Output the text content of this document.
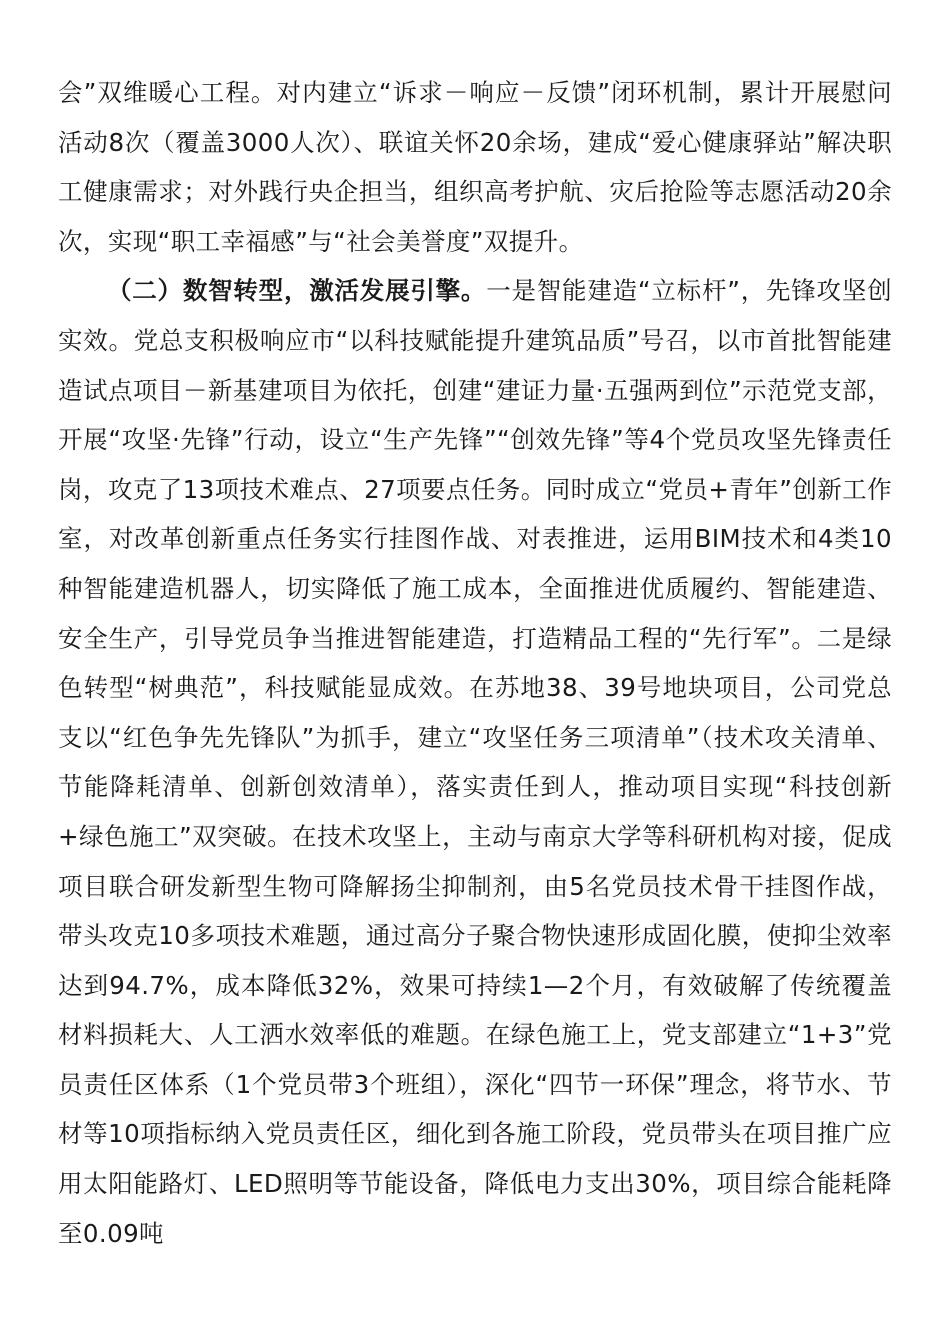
会”双维暖心工程。对内建立“诉求－响应－反馈”闭环机制，累计开展慰问活动8次（覆盖3000人次）、联谊关怀20余场，建成“爱心健康驿站”解决职工健康需求；对外践行央企担当，组织高考护航、灾后抢险等志愿活动20余次，实现“职工幸福感”与“社会美誉度”双提升。

（二）数智转型，激活发展引擎。一是智能建造“立标杆”，先锋攻坚创实效。党总支积极响应市“以科技赋能提升建筑品质”号召，以市首批智能建造试点项目－新基建项目为依托，创建“建证力量·五强两到位”示范党支部，开展“攻坚·先锋”行动，设立“生产先锋”“创效先锋”等4个党员攻坚先锋责任岗，攻克了13项技术难点、27项要点任务。同时成立“党员+青年”创新工作室，对改革创新重点任务实行挂图作战、对表推进，运用BIM技术和4类10种智能建造机器人，切实降低了施工成本，全面推进优质履约、智能建造、安全生产，引导党员争当推进智能建造，打造精品工程的“先行军”。二是绿色转型“树典范”，科技赋能显成效。在苏地38、39号地块项目，公司党总支以“红色争先先锋队”为抓手，建立“攻坚任务三项清单”（技术攻关清单、节能降耗清单、创新创效清单），落实责任到人，推动项目实现“科技创新+绿色施工”双突破。在技术攻坚上，主动与南京大学等科研机构对接，促成项目联合研发新型生物可降解扬尘抑制剂，由5名党员技术骨干挂图作战，带头攻克10多项技术难题，通过高分子聚合物快速形成固化膜，使抑尘效率达到94.7%，成本降低32%，效果可持续1—2个月，有效破解了传统覆盖材料损耗大、人工洒水效率低的难题。在绿色施工上，党支部建立“1+3”党员责任区体系（1个党员带3个班组），深化“四节一环保”理念，将节水、节材等10项指标纳入党员责任区，细化到各施工阶段，党员带头在项目推广应用太阳能路灯、LED照明等节能设备，降低电力支出30%，项目综合能耗降至0.09吨
